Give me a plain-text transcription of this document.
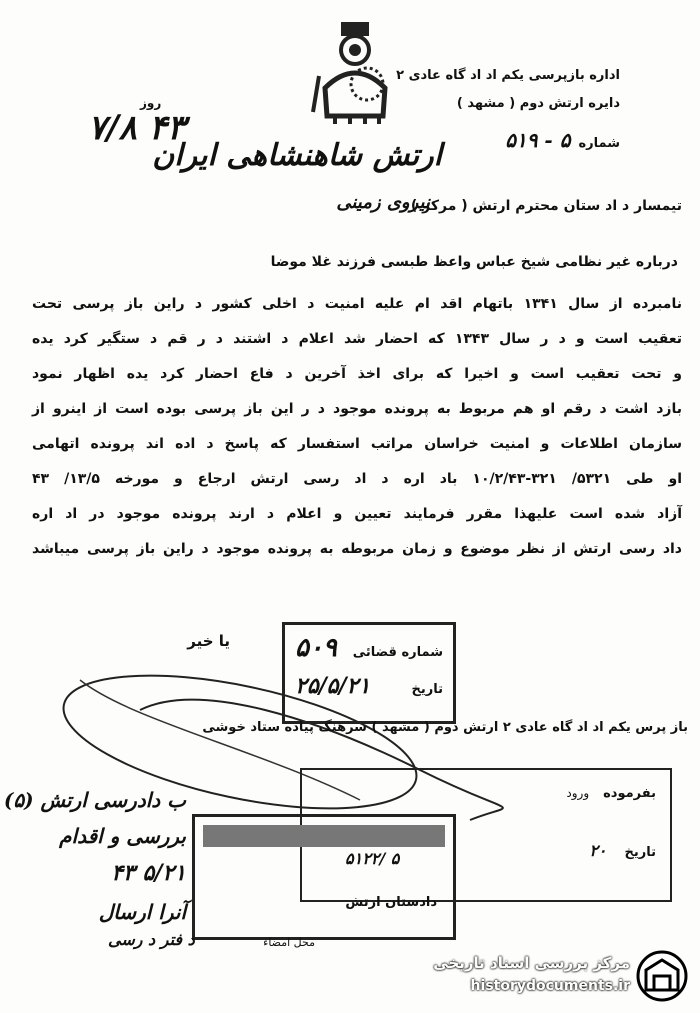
اداره بازپرسی یکم اد اد گاه عادی ۲
دایره ارتش دوم ( مشهد )
شماره
۵ - ۵۱۹
روز
۷/۸ ۴۳
ارتش شاهنشاهی ایران
نیروی زمینی
تیمسار د اد ستان محترم ارتش ( مرکز )
درباره غیر نظامی شیخ عباس واعظ طبسی فرزند غلا موضا
نامبرده از سال ۱۳۴۱ باتهام اقد ام علیه امنیت د اخلی کشور د راین باز پرسی تحت
تعقیب است و د ر سال ۱۳۴۳ که احضار شد اعلام د اشتند د ر قم د ستگیر کرد یده
و تحت تعقیب است و اخیرا که برای اخذ آخرین د فاع احضار کرد یده اظهار نمود
بازد اشت د رقم او هم مربوط به پرونده موجود د ر این باز پرسی بوده است از اینرو از
سازمان اطلاعات و امنیت خراسان مراتب استفسار که پاسخ د اده اند پرونده اتهامی
او طی ۵۳۲۱/ ۳۲۱-۱۰/۲/۴۳ باد اره د اد رسی ارتش ارجاع و مورخه ۱۳/۵/ ۴۳
آزاد شده است علیهذا مقرر فرمایند تعیین و اعلام د ارند پرونده موجود در اد اره
داد رسی ارتش از نظر موضوع و زمان مربوطه به پرونده موجود د راین باز پرسی میباشد
یا خیر
شماره قضائی
۵۰۹
تاریخ
۲۵/۵/۲۱
باز پرس یکم اد اد گاه عادی ۲ ارتش دوم ( مشهد ) سرهنگ پیاده ستاد خوشی
بفرموده
ورود
تاریخ
۲۰
۵۱۲۲/ ۵
دادستان ارتش
محل امضاء
ب دادرسی ارتش (۵)
بررسی و اقدام
۵/۲۱ ۴۳
آنرا ارسال
د فتر د رسی
مرکز بررسی اسناد تاریخی
historydocuments.ir
